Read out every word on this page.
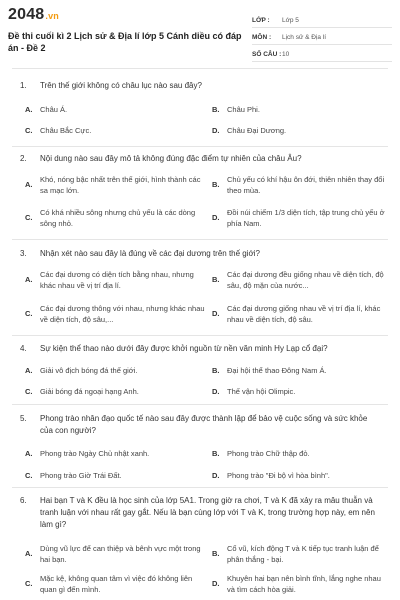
2048.vn
Đề thi cuối kì 2 Lịch sử & Địa lí lớp 5 Cánh diều có đáp án - Đề 2
LỚP :	Lớp 5
MÔN :	Lịch sử & Địa lí
SỐ CÂU : 10
1. Trên thế giới không có châu lục nào sau đây?
A. Châu Á.	B. Châu Phi.
C. Châu Bắc Cực.	D. Châu Đại Dương.
2. Nội dung nào sau đây mô tả không đúng đặc điểm tự nhiên của châu Âu?
A.
Khó, nóng bậc nhất trên thế giới, hình thành các sa mạc lớn.
B.
Chủ yếu có khí hậu ôn đới, thiên nhiên thay đổi theo mùa.
C.
Có khá nhiều sông nhưng chủ yếu là các dòng sông nhỏ.
D.
Đồi núi chiếm 1/3 diện tích, tập trung chủ yếu ở phía Nam.
3. Nhận xét nào sau đây là đúng về các đại dương trên thế giới?
A.
Các đại dương có diện tích bằng nhau, nhưng khác nhau về vị trí địa lí.
B.
Các đại dương đều giống nhau về diện tích, độ sâu, độ mặn của nước...
C.
Các đại dương thông với nhau, nhưng khác nhau về diện tích, độ sâu,...
D.
Các đại dương giống nhau về vị trí địa lí, khác nhau về diện tích, độ sâu.
4. Sự kiện thể thao nào dưới đây được khởi nguồn từ nền văn minh Hy Lạp cổ đại?
A. Giải vô địch bóng đá thế giới.	B. Đại hội thể thao Đông Nam Á.
C. Giải bóng đá ngoại hạng Anh.	D. Thế vận hội Olimpic.
5. Phong trào nhân đạo quốc tế nào sau đây được thành lập để bảo vệ cuộc sống và sức khỏe của con người?
A. Phong trào Ngày Chủ nhật xanh.	B. Phong trào Chữ thập đỏ.
C. Phong trào Giờ Trái Đất.	D. Phong trào "Đi bộ vì hòa bình".
6. Hai bạn T và K đều là học sinh của lớp 5A1. Trong giờ ra chơi, T và K đã xảy ra mâu thuẫn và tranh luận với nhau rất gay gắt. Nếu là bạn cùng lớp với T và K, trong trường hợp này, em nên làm gì?
A.
Dùng vũ lực để can thiệp và bênh vực một trong hai bạn.
B.
Cổ vũ, kích động T và K tiếp tục tranh luận để phân thắng - bại.
C.
Mặc kệ, không quan tâm vì việc đó không liên quan gì đến mình.
D.
Khuyên hai bạn nên bình tĩnh, lắng nghe nhau và tìm cách hòa giải.
